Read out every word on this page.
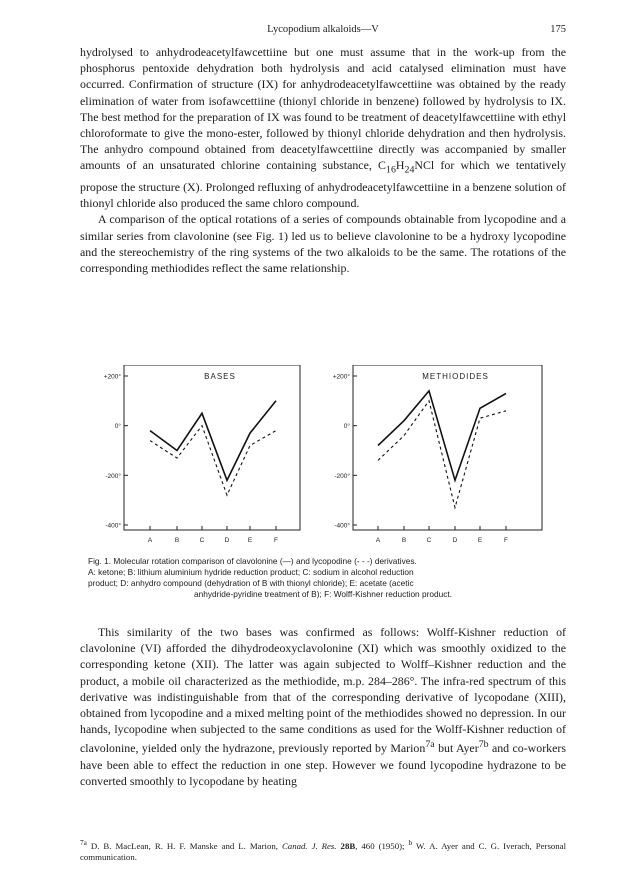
Lycopodium alkaloids—V	175

hydrolysed to anhydrodeacetylfawcettiine but one must assume that in the work-up from the phosphorus pentoxide dehydration both hydrolysis and acid catalysed elimination must have occurred. Confirmation of structure (IX) for anhydrodeacetylfawcettiine was obtained by the ready elimination of water from isofawcettiine (thionyl chloride in benzene) followed by hydrolysis to IX. The best method for the preparation of IX was found to be treatment of deacetylfawcettiine with ethyl chloroformate to give the mono-ester, followed by thionyl chloride dehydration and then hydrolysis. The anhydro compound obtained from deacetylfawcettiine directly was accompanied by smaller amounts of an unsaturated chlorine containing substance, $C_{16}H_{24}NCl$ for which we tentatively propose the structure (X). Prolonged refluxing of anhydrodeacetylfawcettiine in a benzene solution of thionyl chloride also produced the same chloro compound.

A comparison of the optical rotations of a series of compounds obtainable from lycopodine and a similar series from clavolonine (see Fig. 1) led us to believe clavolonine to be a hydroxy lycopodine and the stereochemistry of the ring systems of the two alkaloids to be the same. The rotations of the corresponding methiodides reflect the same relationship.

BASES
+200°
0°
-200°
-400°
A	B	C	D	E	F
METHIODIDES
+200°
0°
-200°
-400°
A	B	C	D	E	F
Fig. 1. Molecular rotation comparison of clavolonine (—) and lycopodine (- - -) derivatives.
A: ketone; B: lithium aluminium hydride reduction product; C: sodium in alcohol reduction
product; D: anhydro compound (dehydration of B with thionyl chloride); E: acetate (acetic
anhydride-pyridine treatment of B); F: Wolff-Kishner reduction product.

This similarity of the two bases was confirmed as follows: Wolff-Kishner reduction of clavolonine (VI) afforded the dihydrodeoxyclavolonine (XI) which was smoothly oxidized to the corresponding ketone (XII). The latter was again subjected to Wolff–Kishner reduction and the product, a mobile oil characterized as the methiodide, m.p. 284–286°. The infra-red spectrum of this derivative was indistinguishable from that of the corresponding derivative of lycopodane (XIII), obtained from lycopodine and a mixed melting point of the methiodides showed no depression. In our hands, lycopodine when subjected to the same conditions as used for the Wolff-Kishner reduction of clavolonine, yielded only the hydrazone, previously reported by Marion$^{7a}$ but Ayer$^{7b}$ and co-workers have been able to effect the reduction in one step. However we found lycopodine hydrazone to be converted smoothly to lycopodane by heating

$^{7a}$ D. B. MacLean, R. H. F. Manske and L. Marion, Canad. J. Res. 28B, 460 (1950); $^b$ W. A. Ayer and C. G. Iverach, Personal communication.
